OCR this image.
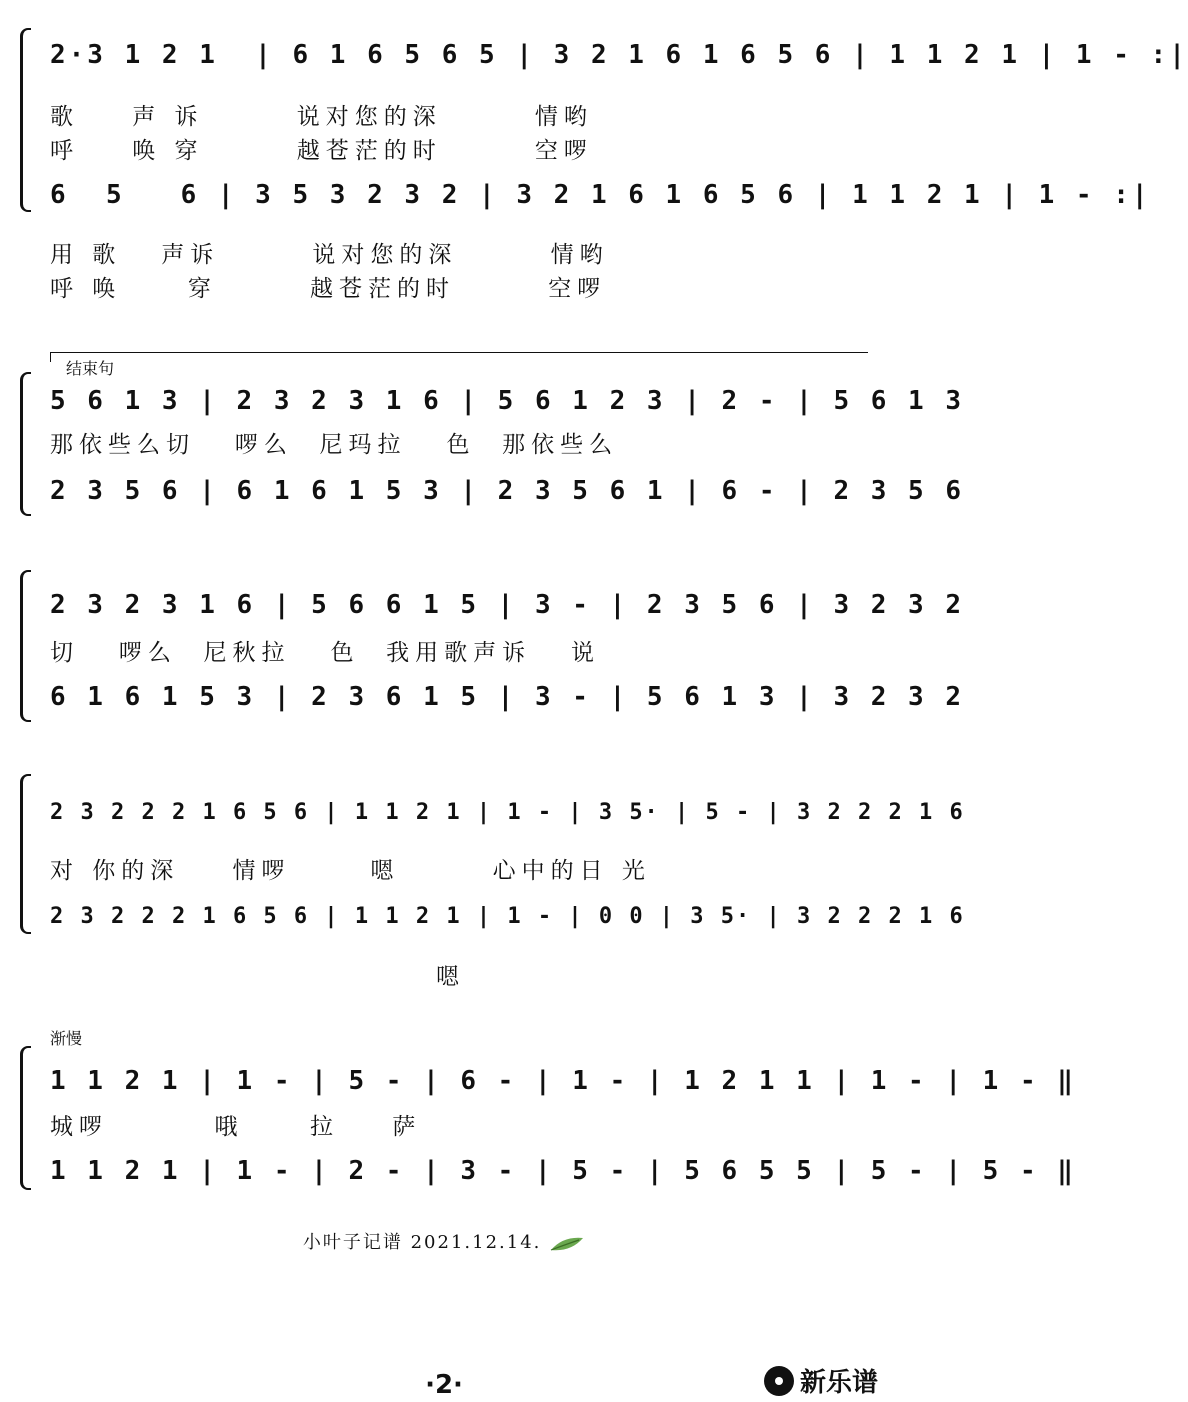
2·3 1 2 1  | 6 1 6 5 6 5 | 3 2 1 6 1 6 5 6 | 1 1 2 1 | 1 - :|
歌    声 诉       说对您的深       情哟
呼    唤 穿       越苍茫的时       空啰
6  5   6 | 3 5 3 2 3 2 | 3 2 1 6 1 6 5 6 | 1 1 2 1 | 1 - :|
用 歌   声诉       说对您的深       情哟
呼 唤     穿       越苍茫的时       空啰
结束句
5 6 1 3 | 2 3 2 3 1 6 | 5 6 1 2 3 | 2 - | 5 6 1 3
那依些么切   啰么  尼玛拉   色  那依些么
2 3 5 6 | 6 1 6 1 5 3 | 2 3 5 6 1 | 6 - | 2 3 5 6
2 3 2 3 1 6 | 5 6 6 1 5 | 3 - | 2 3 5 6 | 3 2 3 2
切   啰么  尼秋拉   色  我用歌声诉   说
6 1 6 1 5 3 | 2 3 6 1 5 | 3 - | 5 6 1 3 | 3 2 3 2
2 3 2 2 2 1 6 5 6 | 1 1 2 1 | 1 - | 3 5· | 5 - | 3 2 2 2 1 6
对 你的深    情啰      嗯       心中的日 光
2 3 2 2 2 1 6 5 6 | 1 1 2 1 | 1 - | 0 0 | 3 5· | 3 2 2 2 1 6
嗯
渐慢
1 1 2 1 | 1 - | 5 - | 6 - | 1 - | 1 2 1 1 | 1 - | 1 - ‖
城啰        哦     拉    萨
1 1 2 1 | 1 - | 2 - | 3 - | 5 - | 5 6 5 5 | 5 - | 5 - ‖
小叶子记谱 2021.12.14.
·2·	新乐谱
